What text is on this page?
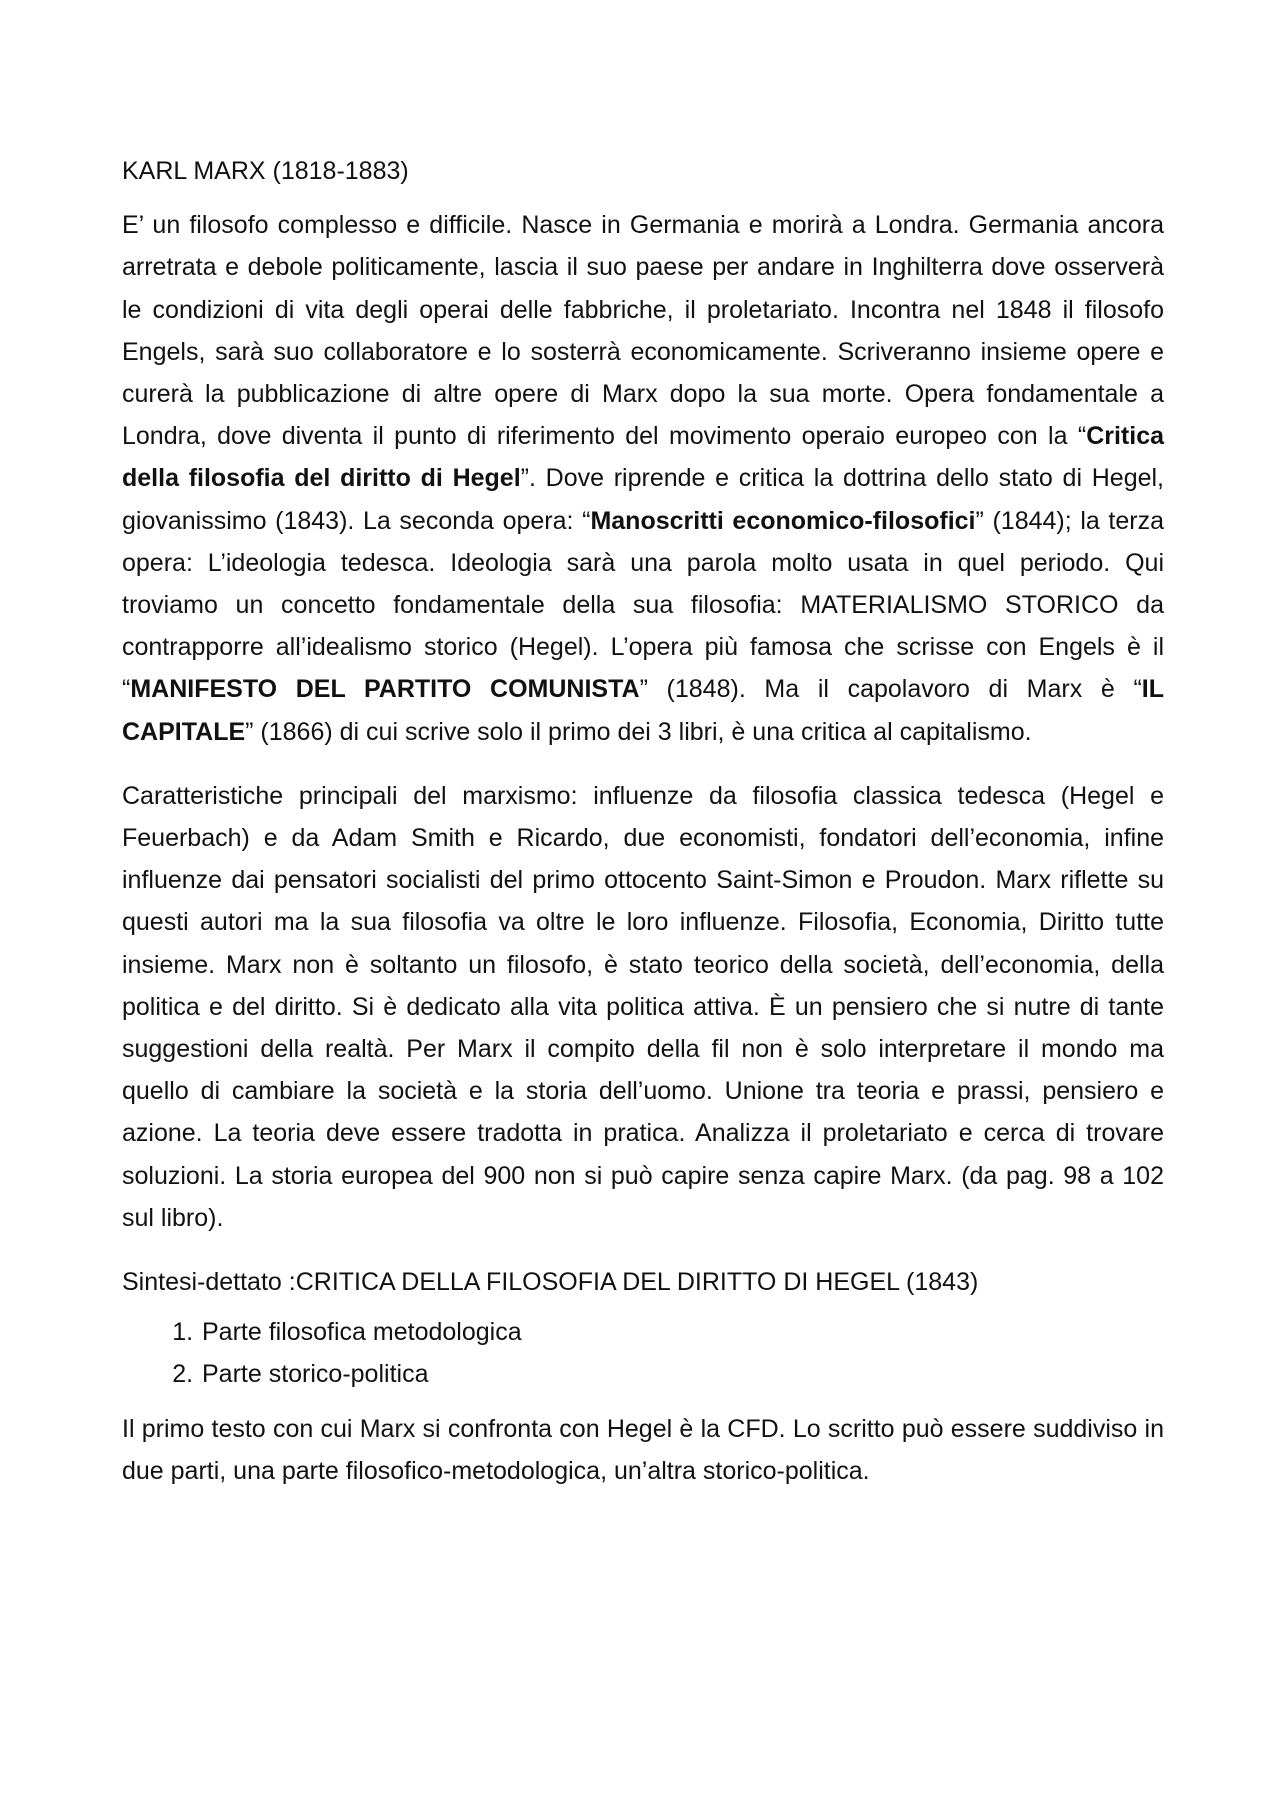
KARL MARX (1818-1883)

E’ un filosofo complesso e difficile. Nasce in Germania e morirà a Londra. Germania ancora arretrata e debole politicamente, lascia il suo paese per andare in Inghilterra dove osserverà le condizioni di vita degli operai delle fabbriche, il proletariato. Incontra nel 1848 il filosofo Engels, sarà suo collaboratore e lo sosterrà economicamente. Scriveranno insieme opere e curerà la pubblicazione di altre opere di Marx dopo la sua morte. Opera fondamentale a Londra, dove diventa il punto di riferimento del movimento operaio europeo con la “Critica della filosofia del diritto di Hegel”. Dove riprende e critica la dottrina dello stato di Hegel, giovanissimo (1843). La seconda opera: “Manoscritti economico-filosofici” (1844); la terza opera: L’ideologia tedesca. Ideologia sarà una parola molto usata in quel periodo. Qui troviamo un concetto fondamentale della sua filosofia: MATERIALISMO STORICO da contrapporre all’idealismo storico (Hegel). L’opera più famosa che scrisse con Engels è il “MANIFESTO DEL PARTITO COMUNISTA” (1848). Ma il capolavoro di Marx è “IL CAPITALE” (1866) di cui scrive solo il primo dei 3 libri, è una critica al capitalismo.

Caratteristiche principali del marxismo: influenze da filosofia classica tedesca (Hegel e Feuerbach) e da Adam Smith e Ricardo, due economisti, fondatori dell’economia, infine influenze dai pensatori socialisti del primo ottocento Saint-Simon e Proudon. Marx riflette su questi autori ma la sua filosofia va oltre le loro influenze. Filosofia, Economia, Diritto tutte insieme. Marx non è soltanto un filosofo, è stato teorico della società, dell’economia, della politica e del diritto. Si è dedicato alla vita politica attiva. È un pensiero che si nutre di tante suggestioni della realtà. Per Marx il compito della fil non è solo interpretare il mondo ma quello di cambiare la società e la storia dell’uomo. Unione tra teoria e prassi, pensiero e azione. La teoria deve essere tradotta in pratica. Analizza il proletariato e cerca di trovare soluzioni. La storia europea del 900 non si può capire senza capire Marx. (da pag. 98 a 102 sul libro).

Sintesi-dettato :CRITICA DELLA FILOSOFIA DEL DIRITTO DI HEGEL (1843)

1. Parte filosofica metodologica
2. Parte storico-politica

Il primo testo con cui Marx si confronta con Hegel è la CFD. Lo scritto può essere suddiviso in due parti, una parte filosofico-metodologica, un’altra storico-politica.
